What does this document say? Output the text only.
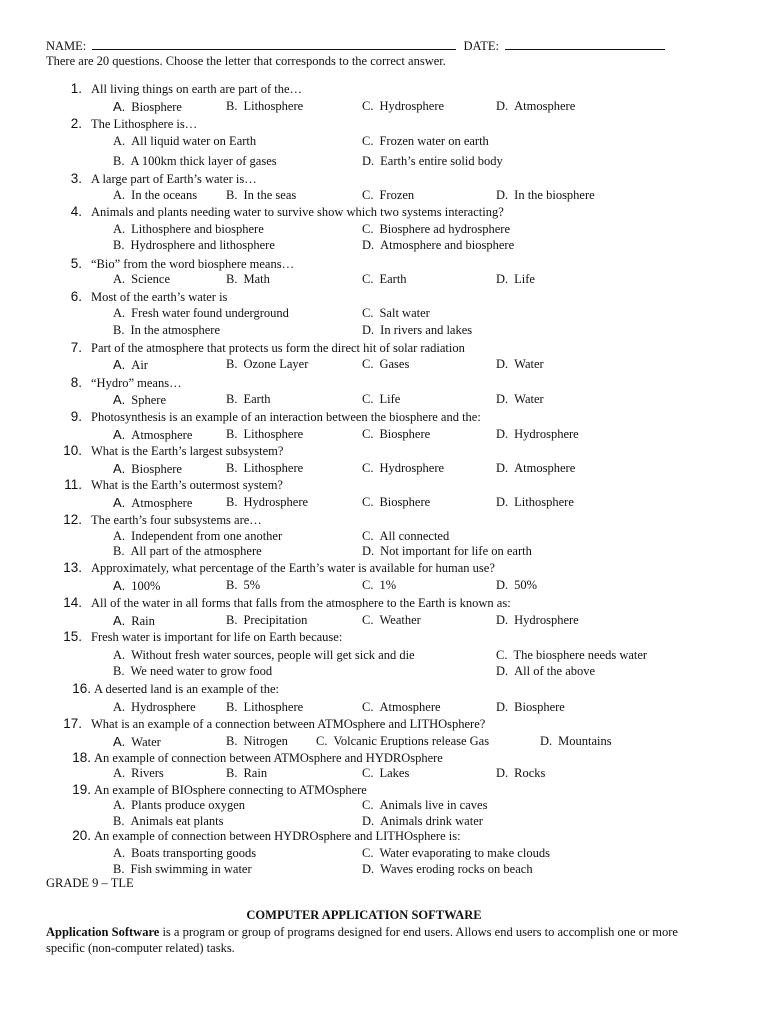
NAME:	DATE:
There are 20 questions. Choose the letter that corresponds to the correct answer.
1. All living things on earth are part of the…
A. Biosphere	B. Lithosphere	C. Hydrosphere	D. Atmosphere
2. The Lithosphere is…
A. All liquid water on Earth	C. Frozen water on earth
B. A 100km thick layer of gases	D. Earth’s entire solid body
3. A large part of Earth’s water is…
A. In the oceans B. In the seas	C. Frozen	D. In the biosphere
4. Animals and plants needing water to survive show which two systems interacting?
A. Lithosphere and biosphere	C. Biosphere ad hydrosphere
B. Hydrosphere and lithosphere	D. Atmosphere and biosphere
5. “Bio” from the word biosphere means…
A. Science	B. Math	C. Earth	D. Life
6. Most of the earth’s water is
A. Fresh water found underground	C. Salt water
B. In the atmosphere	D. In rivers and lakes
7. Part of the atmosphere that protects us form the direct hit of solar radiation
A. Air	B. Ozone Layer	C. Gases	D. Water
8. “Hydro” means…
A. Sphere	B. Earth	C. Life	D. Water
9. Photosynthesis is an example of an interaction between the biosphere and the:
A. Atmosphere	B. Lithosphere	C. Biosphere	D. Hydrosphere
10. What is the Earth’s largest subsystem?
A. Biosphere	B. Lithosphere	C. Hydrosphere	D. Atmosphere
11. What is the Earth’s outermost system?
A. Atmosphere	B. Hydrosphere	C. Biosphere	D. Lithosphere
12. The earth’s four subsystems are…
A. Independent from one another	C. All connected
B. All part of the atmosphere	D. Not important for life on earth
13. Approximately, what percentage of the Earth’s water is available for human use?
A. 100%	B. 5%	C. 1%	D. 50%
14. All of the water in all forms that falls from the atmosphere to the Earth is known as:
A. Rain	B. Precipitation	C. Weather	D. Hydrosphere
15. Fresh water is important for life on Earth because:
A. Without fresh water sources, people will get sick and die	C. The biosphere needs water
B. We need water to grow food	D. All of the above
16. A deserted land is an example of the:
A. Hydrosphere B. Lithosphere	C. Atmosphere	D. Biosphere
17. What is an example of a connection between ATMOsphere and LITHOsphere?
A. Water	B. Nitrogen C. Volcanic Eruptions release Gas	D. Mountains
18. An example of connection between ATMOsphere and HYDROsphere
A. Rivers	B. Rain	C. Lakes	D. Rocks
19. An example of BIOsphere connecting to ATMOsphere
A. Plants produce oxygen	C. Animals live in caves
B. Animals eat plants	D. Animals drink water
20. An example of connection between HYDROsphere and LITHOsphere is:
A. Boats transporting goods	C. Water evaporating to make clouds
B. Fish swimming in water	D. Waves eroding rocks on beach
GRADE 9 – TLE
COMPUTER APPLICATION SOFTWARE
Application Software is a program or group of programs designed for end users. Allows end users to accomplish one or more specific (non-computer related) tasks.
